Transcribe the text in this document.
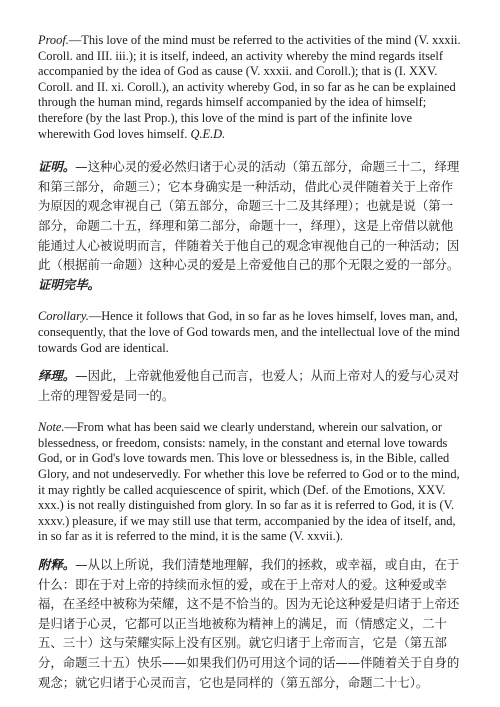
Proof.—This love of the mind must be referred to the activities of the mind (V. xxxii. Coroll. and III. iii.); it is itself, indeed, an activity whereby the mind regards itself accompanied by the idea of God as cause (V. xxxii. and Coroll.); that is (I. XXV. Coroll. and II. xi. Coroll.), an activity whereby God, in so far as he can be explained through the human mind, regards himself accompanied by the idea of himself; therefore (by the last Prop.), this love of the mind is part of the infinite love wherewith God loves himself. Q.E.D.

证明。—这种心灵的爱必然归诸于心灵的活动（第五部分，命题三十二，绎理和第三部分，命题三）；它本身确实是一种活动，借此心灵伴随着关于上帝作为原因的观念审视自己（第五部分，命题三十二及其绎理）；也就是说（第一部分，命题二十五，绎理和第二部分，命题十一，绎理），这是上帝借以就他能通过人心被说明而言，伴随着关于他自己的观念审视他自己的一种活动；因此（根据前一命题）这种心灵的爱是上帝爱他自己的那个无限之爱的一部分。证明完毕。

Corollary.—Hence it follows that God, in so far as he loves himself, loves man, and, consequently, that the love of God towards men, and the intellectual love of the mind towards God are identical.

绎理。—因此，上帝就他爱他自己而言，也爱人；从而上帝对人的爱与心灵对上帝的理智爱是同一的。

Note.—From what has been said we clearly understand, wherein our salvation, or blessedness, or freedom, consists: namely, in the constant and eternal love towards God, or in God's love towards men. This love or blessedness is, in the Bible, called Glory, and not undeservedly. For whether this love be referred to God or to the mind, it may rightly be called acquiescence of spirit, which (Def. of the Emotions, XXV. xxx.) is not really distinguished from glory. In so far as it is referred to God, it is (V. xxxv.) pleasure, if we may still use that term, accompanied by the idea of itself, and, in so far as it is referred to the mind, it is the same (V. xxvii.).

附释。—从以上所说，我们清楚地理解，我们的拯救，或幸福，或自由，在于什么：即在于对上帝的持续而永恒的爱，或在于上帝对人的爱。这种爱或幸福，在圣经中被称为荣耀，这不是不恰当的。因为无论这种爱是归诸于上帝还是归诸于心灵，它都可以正当地被称为精神上的满足，而（情感定义，二十五、三十）这与荣耀实际上没有区别。就它归诸于上帝而言，它是（第五部分，命题三十五）快乐——如果我们仍可用这个词的话——伴随着关于自身的观念；就它归诸于心灵而言，它也是同样的（第五部分，命题二十七）。
